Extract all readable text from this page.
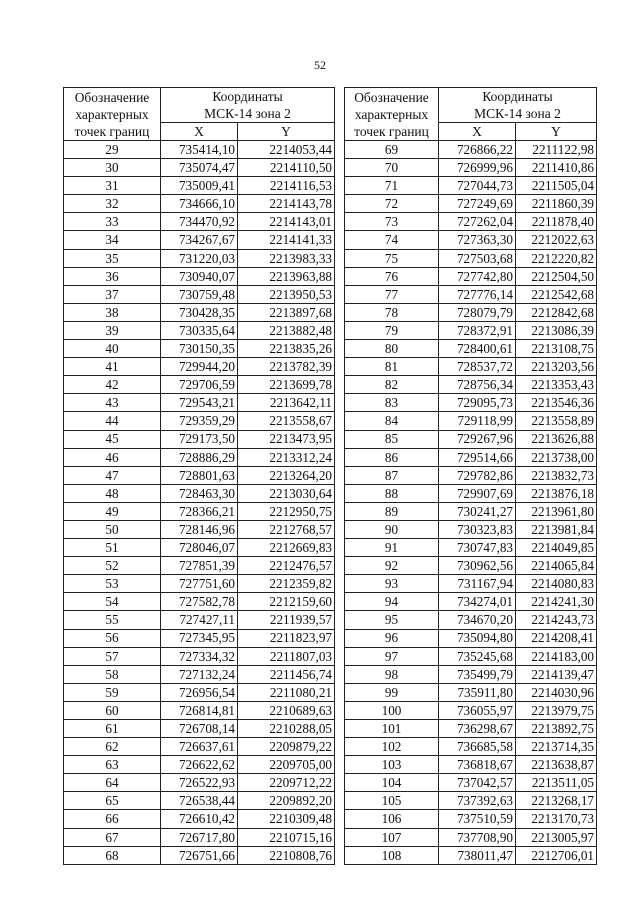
52
Обозначение
характерных
точек границ	Координаты
МСК-14 зона 2	
	X	Y
29	735414,10	2214053,44
30	735074,47	2214110,50
31	735009,41	2214116,53
32	734666,10	2214143,78
33	734470,92	2214143,01
34	734267,67	2214141,33
35	731220,03	2213983,33
36	730940,07	2213963,88
37	730759,48	2213950,53
38	730428,35	2213897,68
39	730335,64	2213882,48
40	730150,35	2213835,26
41	729944,20	2213782,39
42	729706,59	2213699,78
43	729543,21	2213642,11
44	729359,29	2213558,67
45	729173,50	2213473,95
46	728886,29	2213312,24
47	728801,63	2213264,20
48	728463,30	2213030,64
49	728366,21	2212950,75
50	728146,96	2212768,57
51	728046,07	2212669,83
52	727851,39	2212476,57
53	727751,60	2212359,82
54	727582,78	2212159,60
55	727427,11	2211939,57
56	727345,95	2211823,97
57	727334,32	2211807,03
58	727132,24	2211456,74
59	726956,54	2211080,21
60	726814,81	2210689,63
61	726708,14	2210288,05
62	726637,61	2209879,22
63	726622,62	2209705,00
64	726522,93	2209712,22
65	726538,44	2209892,20
66	726610,42	2210309,48
67	726717,80	2210715,16
68	726751,66	2210808,76
Обозначение
характерных
точек границ	Координаты
МСК-14 зона 2	
	X	Y
69	726866,22	2211122,98
70	726999,96	2211410,86
71	727044,73	2211505,04
72	727249,69	2211860,39
73	727262,04	2211878,40
74	727363,30	2212022,63
75	727503,68	2212220,82
76	727742,80	2212504,50
77	727776,14	2212542,68
78	728079,79	2212842,68
79	728372,91	2213086,39
80	728400,61	2213108,75
81	728537,72	2213203,56
82	728756,34	2213353,43
83	729095,73	2213546,36
84	729118,99	2213558,89
85	729267,96	2213626,88
86	729514,66	2213738,00
87	729782,86	2213832,73
88	729907,69	2213876,18
89	730241,27	2213961,80
90	730323,83	2213981,84
91	730747,83	2214049,85
92	730962,56	2214065,84
93	731167,94	2214080,83
94	734274,01	2214241,30
95	734670,20	2214243,73
96	735094,80	2214208,41
97	735245,68	2214183,00
98	735499,79	2214139,47
99	735911,80	2214030,96
100	736055,97	2213979,75
101	736298,67	2213892,75
102	736685,58	2213714,35
103	736818,67	2213638,87
104	737042,57	2213511,05
105	737392,63	2213268,17
106	737510,59	2213170,73
107	737708,90	2213005,97
108	738011,47	2212706,01
